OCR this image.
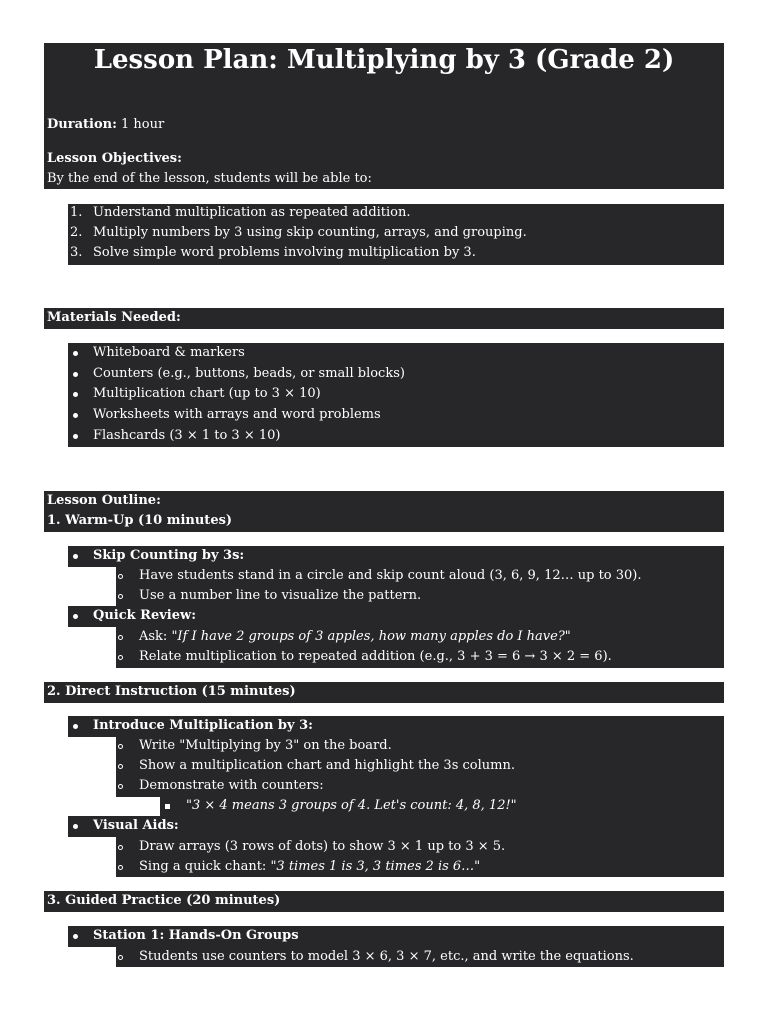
Lesson Plan: Multiplying by 3 (Grade 2)
Duration: 1 hour
Lesson Objectives:
By the end of the lesson, students will be able to:
1. Understand multiplication as repeated addition.
2. Multiply numbers by 3 using skip counting, arrays, and grouping.
3. Solve simple word problems involving multiplication by 3.
Materials Needed:
Whiteboard & markers
Counters (e.g., buttons, beads, or small blocks)
Multiplication chart (up to 3 × 10)
Worksheets with arrays and word problems
Flashcards (3 × 1 to 3 × 10)
Lesson Outline:
1. Warm-Up (10 minutes)
Skip Counting by 3s:
Have students stand in a circle and skip count aloud (3, 6, 9, 12… up to 30).
Use a number line to visualize the pattern.
Quick Review:
Ask: "If I have 2 groups of 3 apples, how many apples do I have?"
Relate multiplication to repeated addition (e.g., 3 + 3 = 6 → 3 × 2 = 6).
2. Direct Instruction (15 minutes)
Introduce Multiplication by 3:
Write "Multiplying by 3" on the board.
Show a multiplication chart and highlight the 3s column.
Demonstrate with counters:
"3 × 4 means 3 groups of 4. Let's count: 4, 8, 12!"
Visual Aids:
Draw arrays (3 rows of dots) to show 3 × 1 up to 3 × 5.
Sing a quick chant: "3 times 1 is 3, 3 times 2 is 6…"
3. Guided Practice (20 minutes)
Station 1: Hands-On Groups
Students use counters to model 3 × 6, 3 × 7, etc., and write the equations.
